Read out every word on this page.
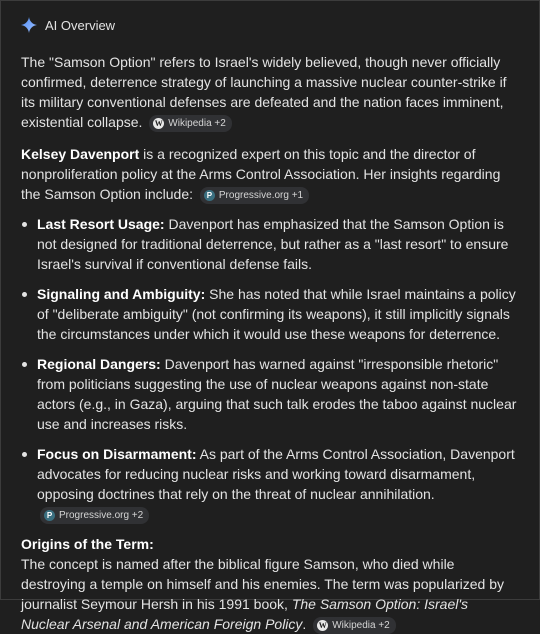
AI Overview

The "Samson Option" refers to Israel's widely believed, though never officially confirmed, deterrence strategy of launching a massive nuclear counter-strike if its military conventional defenses are defeated and the nation faces imminent, existential collapse. W Wikipedia +2

Kelsey Davenport is a recognized expert on this topic and the director of nonproliferation policy at the Arms Control Association. Her insights regarding the Samson Option include:	P Progressive.org +1

Last Resort Usage: Davenport has emphasized that the Samson Option is not designed for traditional deterrence, but rather as a "last resort" to ensure Israel's survival if conventional defense fails.
Signaling and Ambiguity: She has noted that while Israel maintains a policy of "deliberate ambiguity" (not confirming its weapons), it still implicitly signals the circumstances under which it would use these weapons for deterrence.
Regional Dangers: Davenport has warned against "irresponsible rhetoric" from politicians suggesting the use of nuclear weapons against non-state actors (e.g., in Gaza), arguing that such talk erodes the taboo against nuclear use and increases risks.
Focus on Disarmament: As part of the Arms Control Association, Davenport advocates for reducing nuclear risks and working toward disarmament, opposing doctrines that rely on the threat of nuclear annihilation.
P Progressive.org +2

Origins of the Term:

The concept is named after the biblical figure Samson, who died while destroying a temple on himself and his enemies. The term was popularized by journalist Seymour Hersh in his 1991 book, The Samson Option: Israel's Nuclear Arsenal and American Foreign Policy. W Wikipedia +2
